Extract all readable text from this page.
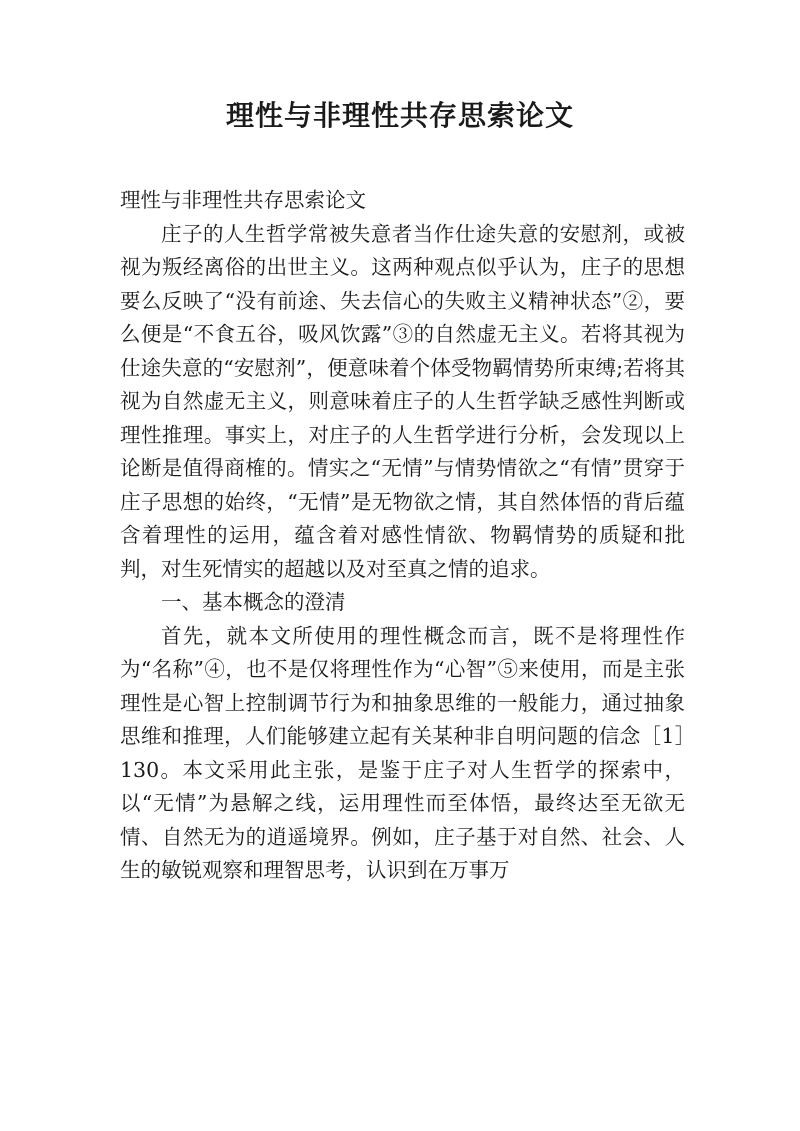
理性与非理性共存思索论文

理性与非理性共存思索论文

庄子的人生哲学常被失意者当作仕途失意的安慰剂，或被视为叛经离俗的出世主义。这两种观点似乎认为，庄子的思想要么反映了“没有前途、失去信心的失败主义精神状态”②，要么便是“不食五谷，吸风饮露”③的自然虚无主义。若将其视为仕途失意的“安慰剂”，便意味着个体受物羁情势所束缚;若将其视为自然虚无主义，则意味着庄子的人生哲学缺乏感性判断或理性推理。事实上，对庄子的人生哲学进行分析，会发现以上论断是值得商榷的。情实之“无情”与情势情欲之“有情”贯穿于庄子思想的始终，“无情”是无物欲之情，其自然体悟的背后蕴含着理性的运用，蕴含着对感性情欲、物羁情势的质疑和批判，对生死情实的超越以及对至真之情的追求。

一、基本概念的澄清

首先，就本文所使用的理性概念而言，既不是将理性作为“名称”④，也不是仅将理性作为“心智”⑤来使用，而是主张理性是心智上控制调节行为和抽象思维的一般能力，通过抽象思维和推理，人们能够建立起有关某种非自明问题的信念［1］130。本文采用此主张，是鉴于庄子对人生哲学的探索中，以“无情”为悬解之线，运用理性而至体悟，最终达至无欲无情、自然无为的逍遥境界。例如，庄子基于对自然、社会、人生的敏锐观察和理智思考，认识到在万事万
